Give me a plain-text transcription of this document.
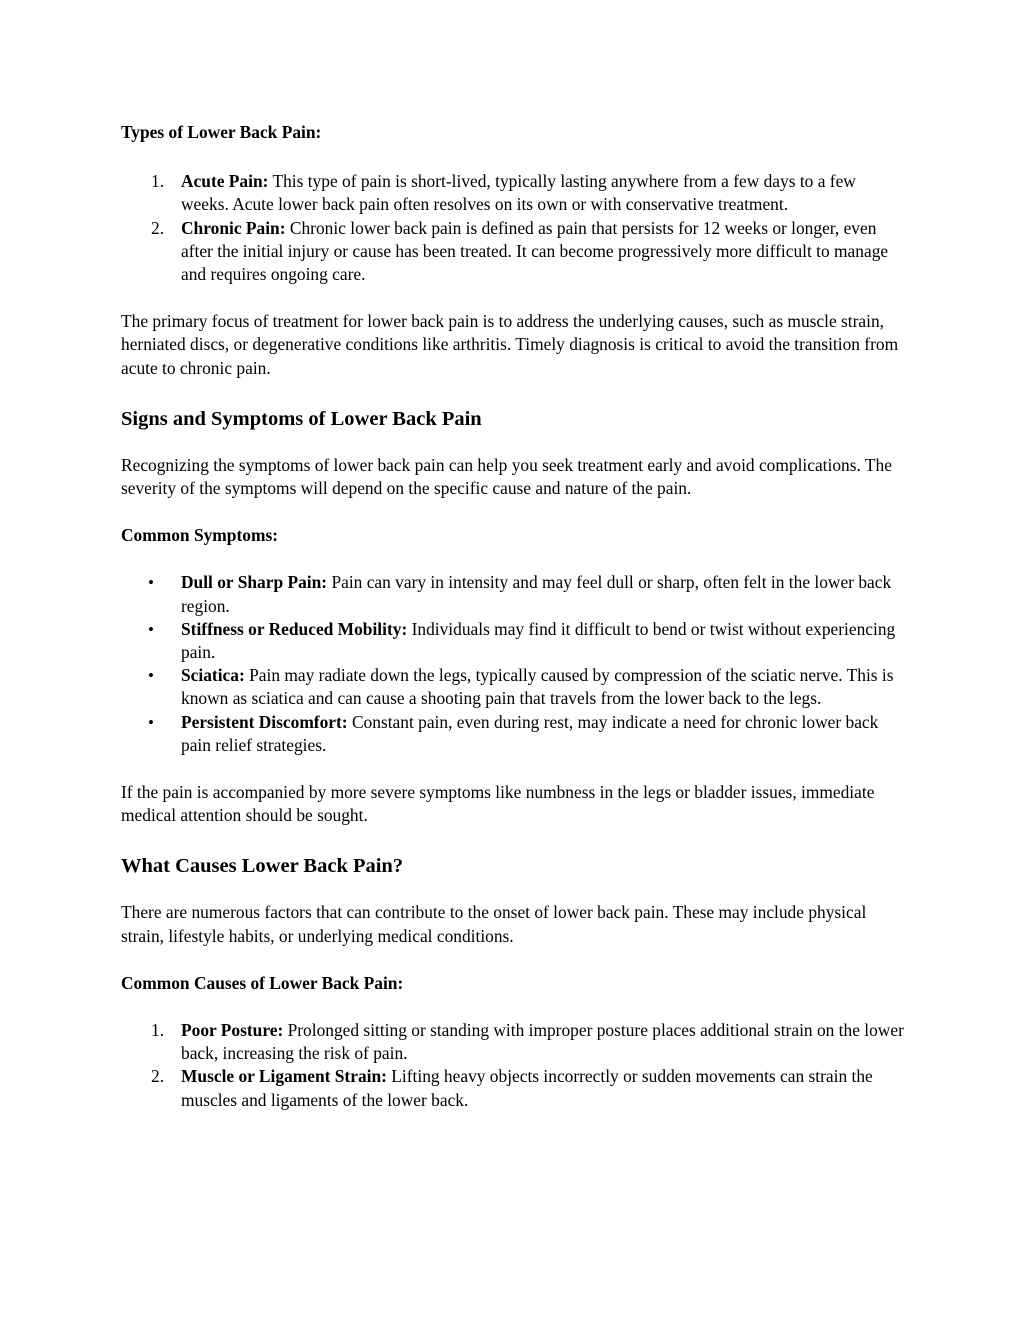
Types of Lower Back Pain:
1. Acute Pain: This type of pain is short-lived, typically lasting anywhere from a few days to a few weeks. Acute lower back pain often resolves on its own or with conservative treatment.
2. Chronic Pain: Chronic lower back pain is defined as pain that persists for 12 weeks or longer, even after the initial injury or cause has been treated. It can become progressively more difficult to manage and requires ongoing care.

The primary focus of treatment for lower back pain is to address the underlying causes, such as muscle strain, herniated discs, or degenerative conditions like arthritis. Timely diagnosis is critical to avoid the transition from acute to chronic pain.

Signs and Symptoms of Lower Back Pain

Recognizing the symptoms of lower back pain can help you seek treatment early and avoid complications. The severity of the symptoms will depend on the specific cause and nature of the pain.

Common Symptoms:
• Dull or Sharp Pain: Pain can vary in intensity and may feel dull or sharp, often felt in the lower back region.
• Stiffness or Reduced Mobility: Individuals may find it difficult to bend or twist without experiencing pain.
• Sciatica: Pain may radiate down the legs, typically caused by compression of the sciatic nerve. This is known as sciatica and can cause a shooting pain that travels from the lower back to the legs.
• Persistent Discomfort: Constant pain, even during rest, may indicate a need for chronic lower back pain relief strategies.

If the pain is accompanied by more severe symptoms like numbness in the legs or bladder issues, immediate medical attention should be sought.

What Causes Lower Back Pain?

There are numerous factors that can contribute to the onset of lower back pain. These may include physical strain, lifestyle habits, or underlying medical conditions.

Common Causes of Lower Back Pain:
1. Poor Posture: Prolonged sitting or standing with improper posture places additional strain on the lower back, increasing the risk of pain.
2. Muscle or Ligament Strain: Lifting heavy objects incorrectly or sudden movements can strain the muscles and ligaments of the lower back.
